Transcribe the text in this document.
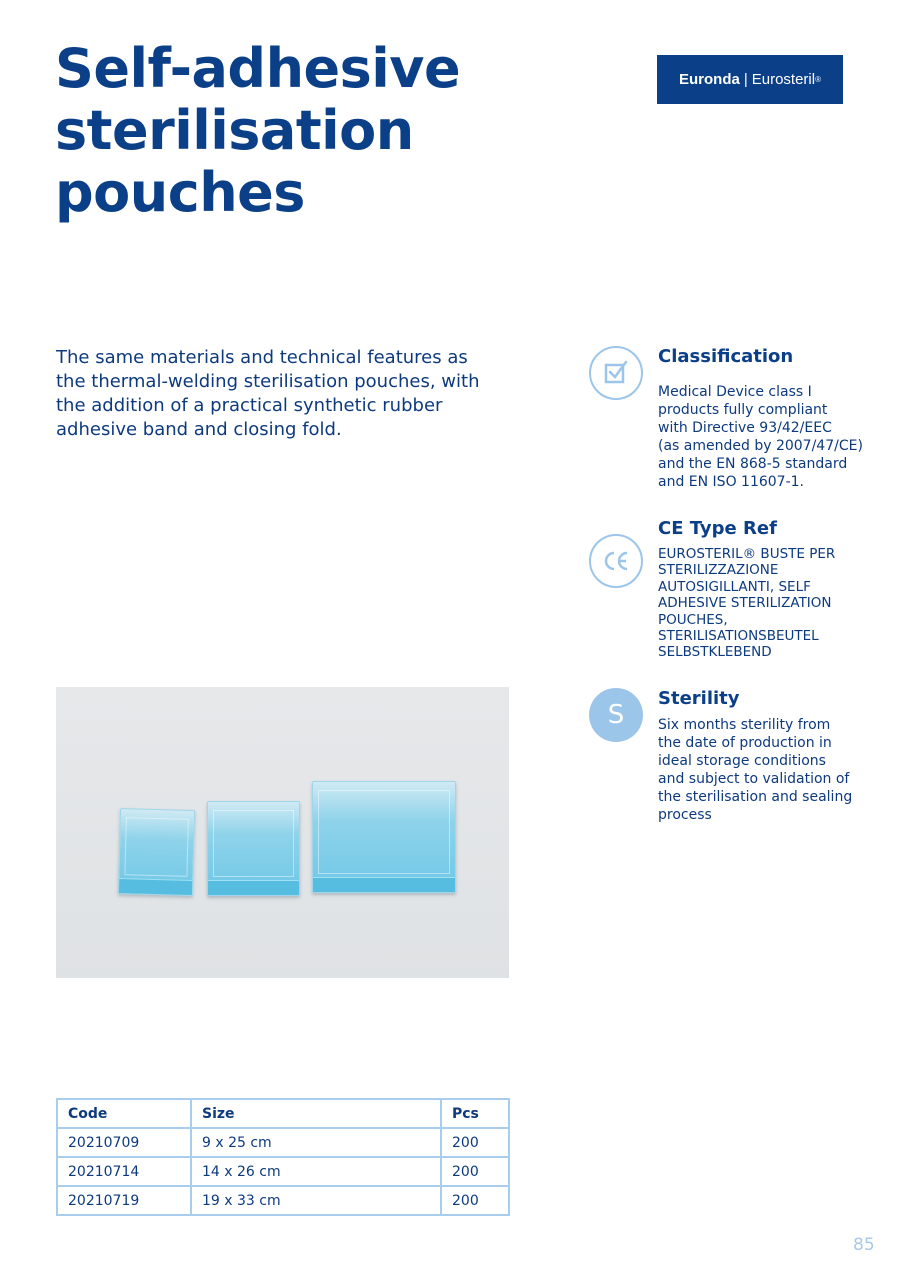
Self-adhesive
sterilisation
pouches
Euronda | Eurosteril ®

The same materials and technical features as the thermal-welding sterilisation pouches, with the addition of a practical synthetic rubber adhesive band and closing fold.

Classification

Medical Device class I
products fully compliant
with Directive 93/42/EEC
(as amended by 2007/47/CE)
and the EN 868-5 standard
and EN ISO 11607-1.

CE Type Ref

EUROSTERIL® BUSTE PER
STERILIZZAZIONE
AUTOSIGILLANTI, SELF
ADHESIVE STERILIZATION
POUCHES,
STERILISATIONSBEUTEL
SELBSTKLEBEND

S
Sterility

Six months sterility from
the date of production in
ideal storage conditions
and subject to validation of
the sterilisation and sealing
process

Code	Size	Pcs
20210709	9 x 25 cm	200
20210714	14 x 26 cm	200
20210719	19 x 33 cm	200
85
